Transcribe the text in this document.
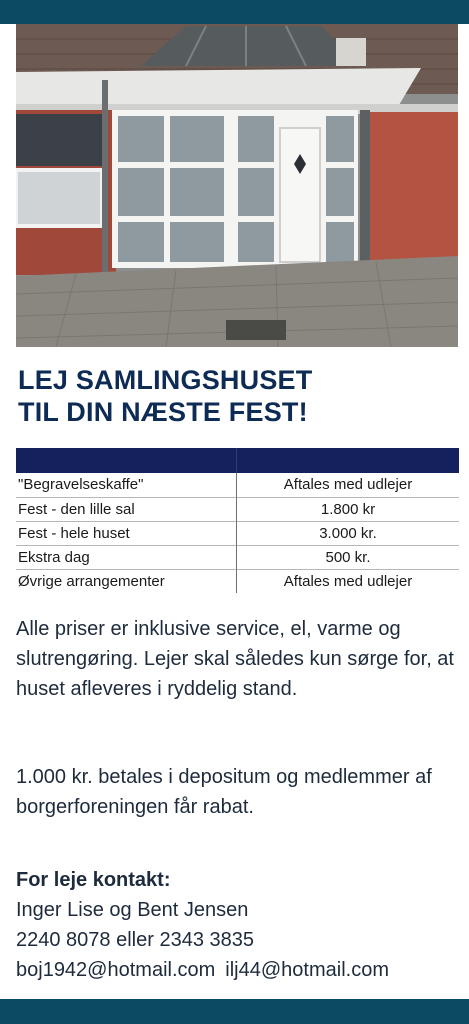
LEJ SAMLINGSHUSET
TIL DIN NÆSTE FEST!

"Begravelseskaffe"	Aftales med udlejer
Fest - den lille sal	1.800 kr
Fest - hele huset	3.000 kr.
Ekstra dag	500 kr.
Øvrige arrangementer	Aftales med udlejer
Alle priser er inklusive service, el, varme og slutrengøring. Lejer skal således kun sørge for, at huset afleveres i ryddelig stand.
1.000 kr. betales i depositum og medlemmer af borgerforeningen får rabat.
For leje kontakt:
Inger Lise og Bent Jensen
2240 8078 eller 2343 3835
boj1942@hotmail.com ilj44@hotmail.com
